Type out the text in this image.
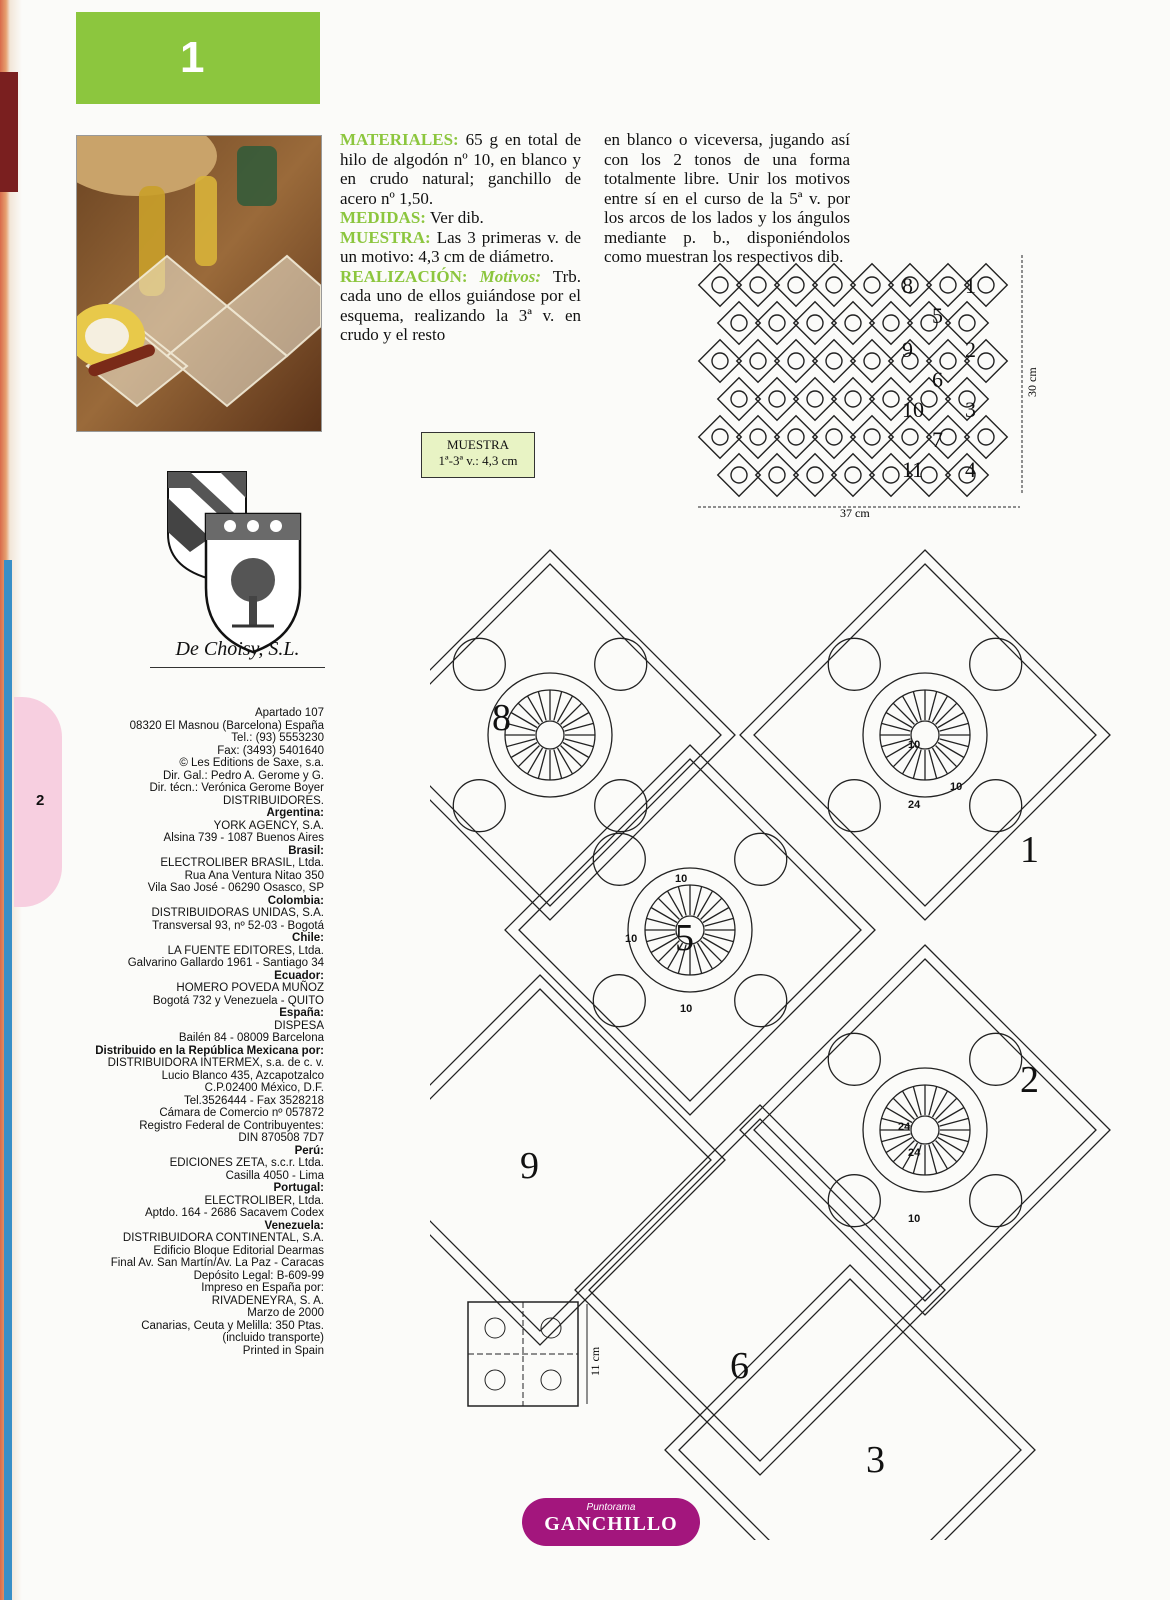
1
De Choisy, S.L.
2
Apartado 107
08320 El Masnou (Barcelona) España
Tel.: (93) 5553230
Fax: (3493) 5401640
© Les Editions de Saxe, s.a.
Dir. Gal.: Pedro A. Gerome y G.
Dir. técn.: Verónica Gerome Boyer
DISTRIBUIDORES.
Argentina:
YORK AGENCY, S.A.
Alsina 739 - 1087 Buenos Aires
Brasil:
ELECTROLIBER BRASIL, Ltda.
Rua Ana Ventura Nitao 350
Vila Sao José - 06290 Osasco, SP
Colombia:
DISTRIBUIDORAS UNIDAS, S.A.
Transversal 93, nº 52-03 - Bogotá
Chile:
LA FUENTE EDITORES, Ltda.
Galvarino Gallardo 1961 - Santiago 34
Ecuador:
HOMERO POVEDA MUÑOZ
Bogotá 732 y Venezuela - QUITO
España:
DISPESA
Bailén 84 - 08009 Barcelona
Distribuido en la República Mexicana por:
DISTRIBUIDORA INTERMEX, s.a. de c. v.
Lucio Blanco 435, Azcapotzalco
C.P.02400 México, D.F.
Tel.3526444 - Fax 3528218
Cámara de Comercio nº 057872
Registro Federal de Contribuyentes:
DIN 870508 7D7
Perú:
EDICIONES ZETA, s.c.r. Ltda.
Casilla 4050 - Lima
Portugal:
ELECTROLIBER, Ltda.
Aptdo. 164 - 2686 Sacavem Codex
Venezuela:
DISTRIBUIDORA CONTINENTAL, S.A.
Edificio Bloque Editorial Dearmas
Final Av. San Martín/Av. La Paz - Caracas
Depósito Legal: B-609-99
Impreso en España por:
RIVADENEYRA, S. A.
Marzo de 2000
Canarias, Ceuta y Melilla: 350 Ptas.
(incluido transporte)
Printed in Spain
MATERIALES: 65 g en total de hilo de algodón nº 10, en blanco y en crudo natural; ganchillo de acero nº 1,50.
MEDIDAS: Ver dib.
MUESTRA: Las 3 primeras v. de un motivo: 4,3 cm de diámetro.
REALIZACIÓN: Motivos: Trb. cada uno de ellos guiándose por el esquema, realizando la 3ª v. en crudo y el resto
en blanco o viceversa, jugando así con los 2 tonos de una forma totalmente libre. Unir los motivos entre sí en el curso de la 5ª v. por los arcos de los lados y los ángulos mediante p. b., disponiéndolos como muestran los respectivos dib.
MUESTRA
1ª-3ª v.: 4,3 cm
8 1
5
9 2
6
10 3
7
11 4
37 cm
30 cm
8
5
1
2
9
6
3
10
24
10
10
10
24
10
24
10
11 cm
Puntorama
GANCHILLO
